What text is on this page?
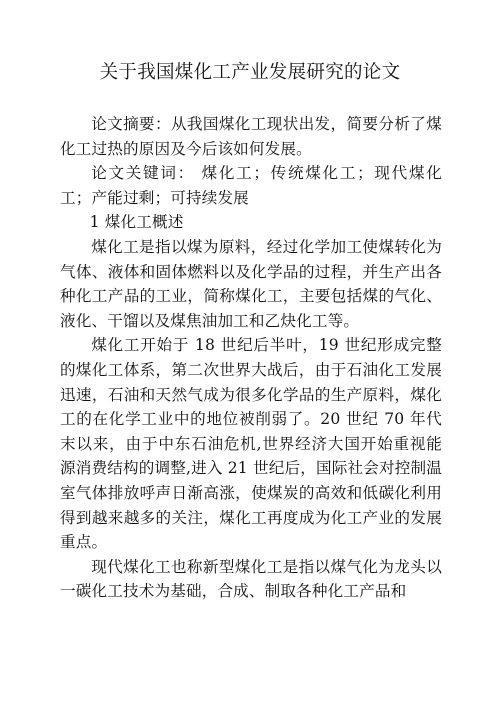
关于我国煤化工产业发展研究的论文

论文摘要：从我国煤化工现状出发，简要分析了煤化工过热的原因及今后该如何发展。

论文关键词： 煤化工；传统煤化工；现代煤化工；产能过剩；可持续发展

1 煤化工概述

煤化工是指以煤为原料，经过化学加工使煤转化为气体、液体和固体燃料以及化学品的过程，并生产出各种化工产品的工业，简称煤化工，主要包括煤的气化、液化、干馏以及煤焦油加工和乙炔化工等。

煤化工开始于 18 世纪后半叶，19 世纪形成完整的煤化工体系，第二次世界大战后，由于石油化工发展迅速，石油和天然气成为很多化学品的生产原料，煤化工的在化学工业中的地位被削弱了。20 世纪 70 年代末以来，由于中东石油危机,世界经济大国开始重视能源消费结构的调整,进入 21 世纪后，国际社会对控制温室气体排放呼声日渐高涨，使煤炭的高效和低碳化利用得到越来越多的关注，煤化工再度成为化工产业的发展重点。

现代煤化工也称新型煤化工是指以煤气化为龙头以一碳化工技术为基础，合成、制取各种化工产品和
